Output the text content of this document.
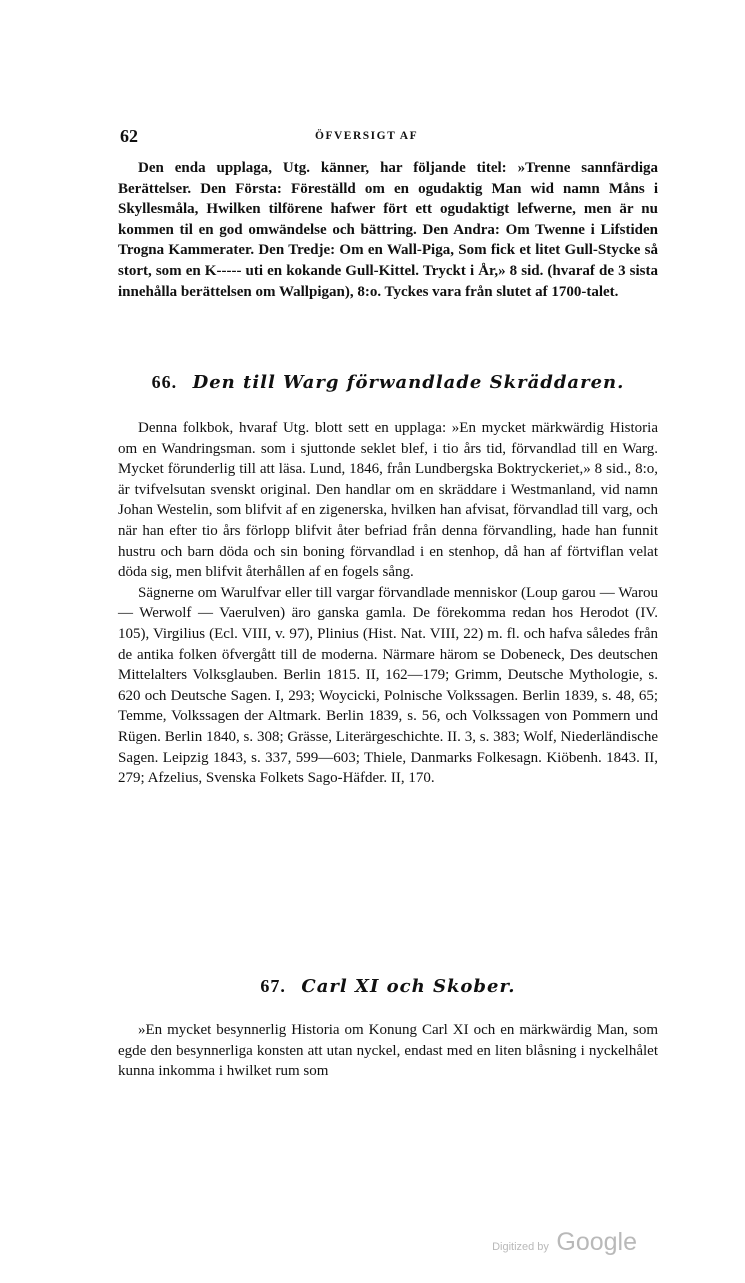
62	ÖFVERSIGT AF

Den enda upplaga, Utg. känner, har följande titel: »Trenne sannfärdiga Berättelser. Den Första: Föreställd om en ogudaktig Man wid namn Måns i Skyllesmåla, Hwilken tilförene hafwer fört ett ogudaktigt lefwerne, men är nu kommen til en god omwändelse och bättring. Den Andra: Om Twenne i Lifstiden Trogna Kammerater. Den Tredje: Om en Wall-Piga, Som fick et litet Gull-Stycke så stort, som en K----- uti en kokande Gull-Kittel. Tryckt i År,» 8 sid. (hvaraf de 3 sista innehålla berättelsen om Wallpigan), 8:o. Tyckes vara från slutet af 1700-talet.

66. Den till Warg förwandlade Skräddaren.

Denna folkbok, hvaraf Utg. blott sett en upplaga: »En mycket märkwärdig Historia om en Wandringsman. som i sjuttonde seklet blef, i tio års tid, förvandlad till en Warg. Mycket förunderlig till att läsa. Lund, 1846, från Lundbergska Boktryckeriet,» 8 sid., 8:o, är tvifvelsutan svenskt original. Den handlar om en skräddare i Westmanland, vid namn Johan Westelin, som blifvit af en zigenerska, hvilken han afvisat, förvandlad till varg, och när han efter tio års förlopp blifvit åter befriad från denna förvandling, hade han funnit hustru och barn döda och sin boning förvandlad i en stenhop, då han af förtviflan velat döda sig, men blifvit återhållen af en fogels sång.

Sägnerne om Warulfvar eller till vargar förvandlade menniskor (Loup garou — Warou — Werwolf — Vaerulven) äro ganska gamla. De förekomma redan hos Herodot (IV. 105), Virgilius (Ecl. VIII, v. 97), Plinius (Hist. Nat. VIII, 22) m. fl. och hafva således från de antika folken öfvergått till de moderna. Närmare härom se Dobeneck, Des deutschen Mittelalters Volksglauben. Berlin 1815. II, 162—179; Grimm, Deutsche Mythologie, s. 620 och Deutsche Sagen. I, 293; Woycicki, Polnische Volkssagen. Berlin 1839, s. 48, 65; Temme, Volkssagen der Altmark. Berlin 1839, s. 56, och Volkssagen von Pommern und Rügen. Berlin 1840, s. 308; Grässe, Literärgeschichte. II. 3, s. 383; Wolf, Niederländische Sagen. Leipzig 1843, s. 337, 599—603; Thiele, Danmarks Folkesagn. Kiöbenh. 1843. II, 279; Afzelius, Svenska Folkets Sago-Häfder. II, 170.

67. Carl XI och Skober.

»En mycket besynnerlig Historia om Konung Carl XI och en märkwärdig Man, som egde den besynnerliga konsten att utan nyckel, endast med en liten blåsning i nyckelhålet kunna inkomma i hwilket rum som

Digitized by Google
